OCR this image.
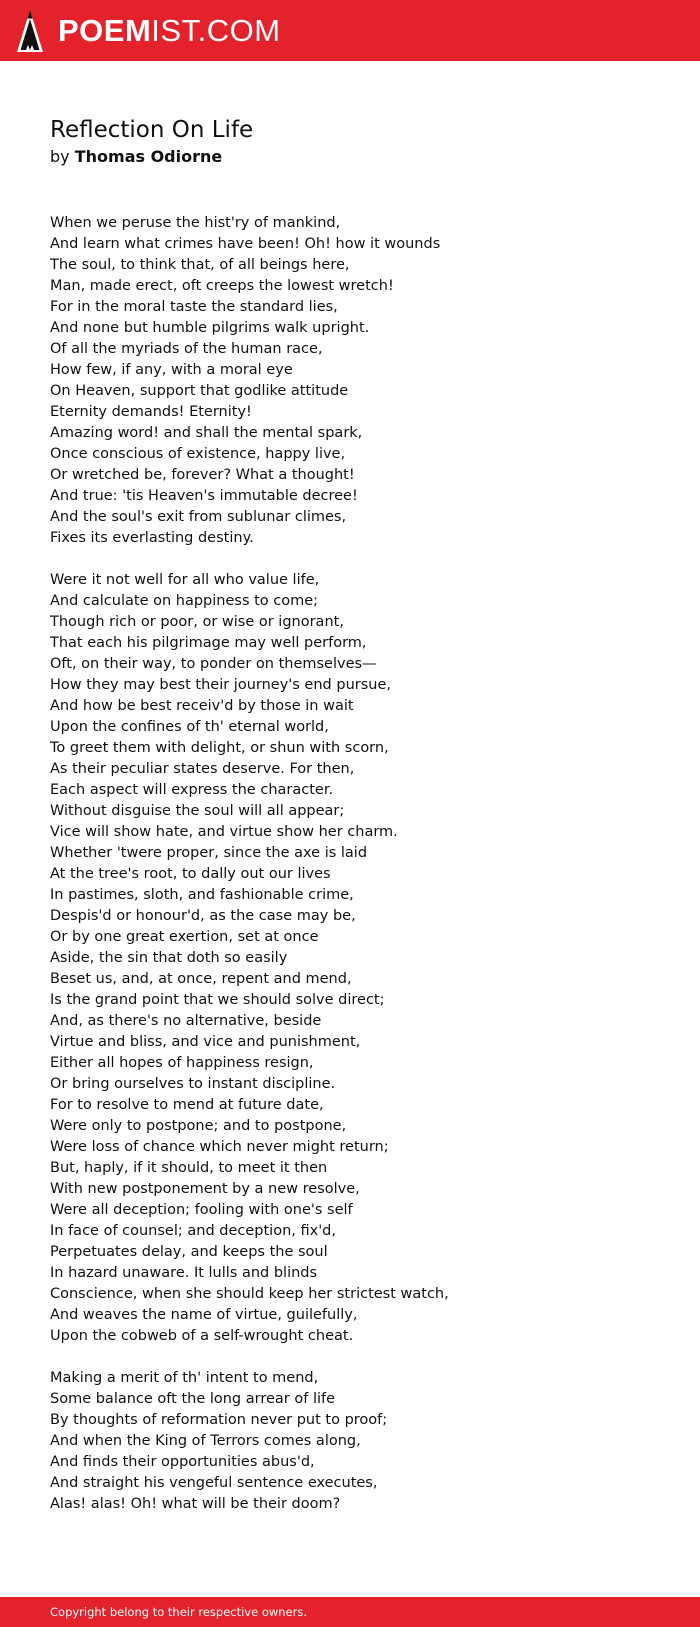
POEMIST.COM
Reflection On Life
by Thomas Odiorne

When we peruse the hist'ry of mankind,
And learn what crimes have been! Oh! how it wounds
The soul, to think that, of all beings here,
Man, made erect, oft creeps the lowest wretch!
For in the moral taste the standard lies,
And none but humble pilgrims walk upright.
Of all the myriads of the human race,
How few, if any, with a moral eye
On Heaven, support that godlike attitude
Eternity demands! Eternity!
Amazing word! and shall the mental spark,
Once conscious of existence, happy live,
Or wretched be, forever? What a thought!
And true: 'tis Heaven's immutable decree!
And the soul's exit from sublunar climes,
Fixes its everlasting destiny.

Were it not well for all who value life,
And calculate on happiness to come;
Though rich or poor, or wise or ignorant,
That each his pilgrimage may well perform,
Oft, on their way, to ponder on themselves—
How they may best their journey's end pursue,
And how be best receiv'd by those in wait
Upon the confines of th' eternal world,
To greet them with delight, or shun with scorn,
As their peculiar states deserve. For then,
Each aspect will express the character.
Without disguise the soul will all appear;
Vice will show hate, and virtue show her charm.
Whether 'twere proper, since the axe is laid
At the tree's root, to dally out our lives
In pastimes, sloth, and fashionable crime,
Despis'd or honour'd, as the case may be,
Or by one great exertion, set at once
Aside, the sin that doth so easily
Beset us, and, at once, repent and mend,
Is the grand point that we should solve direct;
And, as there's no alternative, beside
Virtue and bliss, and vice and punishment,
Either all hopes of happiness resign,
Or bring ourselves to instant discipline.
For to resolve to mend at future date,
Were only to postpone; and to postpone,
Were loss of chance which never might return;
But, haply, if it should, to meet it then
With new postponement by a new resolve,
Were all deception; fooling with one's self
In face of counsel; and deception, fix'd,
Perpetuates delay, and keeps the soul
In hazard unaware. It lulls and blinds
Conscience, when she should keep her strictest watch,
And weaves the name of virtue, guilefully,
Upon the cobweb of a self-wrought cheat.

Making a merit of th' intent to mend,
Some balance oft the long arrear of life
By thoughts of reformation never put to proof;
And when the King of Terrors comes along,
And finds their opportunities abus'd,
And straight his vengeful sentence executes,
Alas! alas! Oh! what will be their doom?

Copyright belong to their respective owners.
